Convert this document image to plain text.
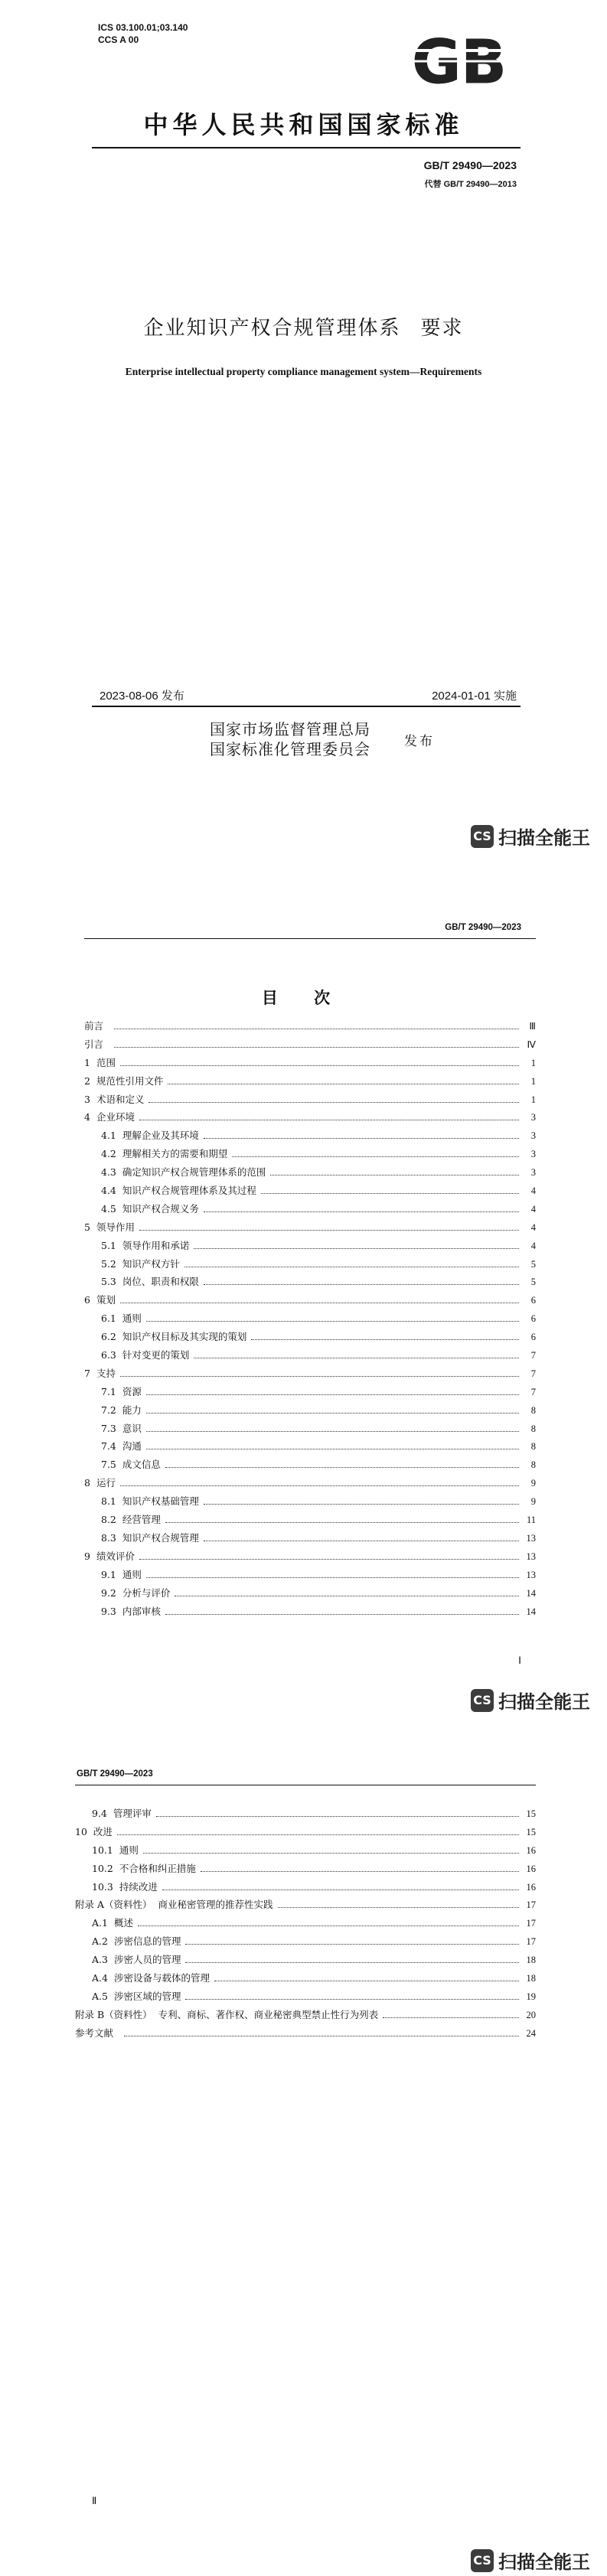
ICS 03.100.01;03.140
CCS A 00	GB
中华人民共和国国家标准
GB/T 29490—2023
代替 GB/T 29490—2013
企业知识产权合规管理体系 要求
Enterprise intellectual property compliance management system—Requirements
2023-08-06 发布	2024-01-01 实施
国家市场监督管理总局
国家标准化管理委员会	发布
CS 扫描全能王
GB/T 29490—2023
前言	Ⅲ
引言	Ⅳ
1 范围	1
2 规范性引用文件	1
3 术语和定义	1
4 企业环境	3
4.1 理解企业及其环境	3
4.2 理解相关方的需要和期望	3
4.3 确定知识产权合规管理体系的范围	3
4.4 知识产权合规管理体系及其过程	4
4.5 知识产权合规义务	4
5 领导作用	4
5.1 领导作用和承诺	4
5.2 知识产权方针	5
5.3 岗位、职责和权限	5
6 策划	6
6.1 通则	6
6.2 知识产权目标及其实现的策划	6
6.3 针对变更的策划	7
7 支持	7
7.1 资源	7
7.2 能力	8
7.3 意识	8
7.4 沟通	8
7.5 成文信息	8
8 运行	9
8.1 知识产权基础管理	9
8.2 经营管理	11
8.3 知识产权合规管理	13
9 绩效评价	13
9.1 通则	13
9.2 分析与评价	14
9.3 内部审核	14
Ⅰ
CS 扫描全能王
目 次
GB/T 29490—2023
9.4 管理评审	15
10 改进	15
10.1 通则	16
10.2 不合格和纠正措施	16
10.3 持续改进	16
附录 A（资料性） 商业秘密管理的推荐性实践	17
A.1 概述	17
A.2 涉密信息的管理	17
A.3 涉密人员的管理	18
A.4 涉密设备与载体的管理	18
A.5 涉密区域的管理	19
附录 B（资料性） 专利、商标、著作权、商业秘密典型禁止性行为列表	20
参考文献	24
Ⅱ
CS 扫描全能王
